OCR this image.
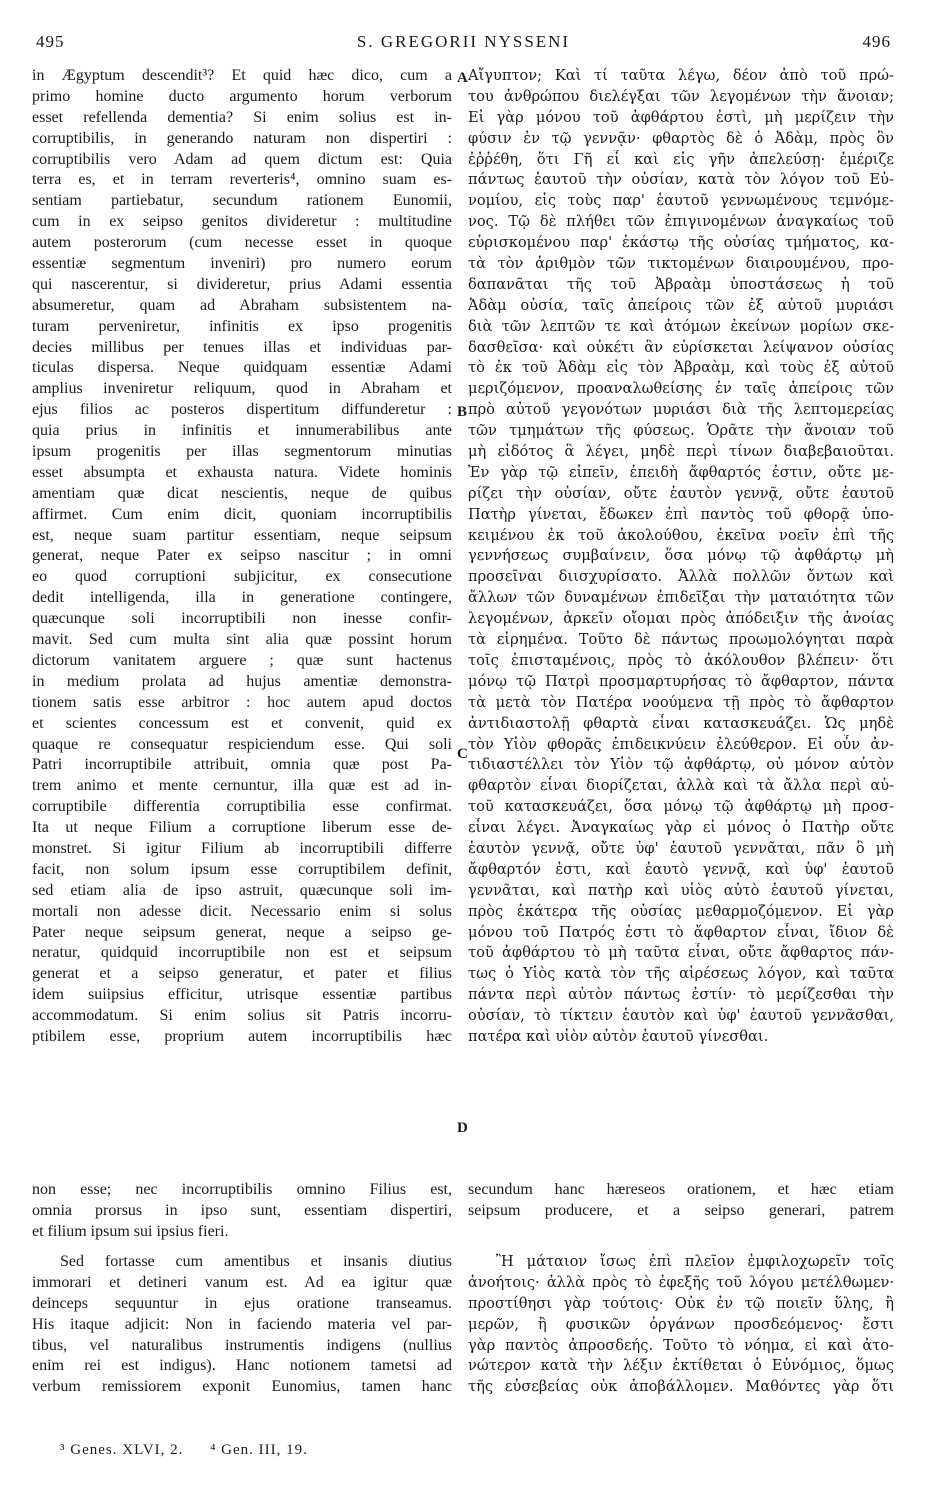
495	S. GREGORII NYSSENI	496
in Ægyptum descendit³? Et quid hæc dico, cum a
primo homine ducto argumento horum verborum
esset refellenda dementia? Si enim solius est in-
corruptibilis, in generando naturam non dispertiri :
corruptibilis vero Adam ad quem dictum est: Quia
terra es, et in terram reverteris⁴, omnino suam es-
sentiam partiebatur, secundum rationem Eunomii,
cum in ex seipso genitos divideretur : multitudine
autem posterorum (cum necesse esset in quoque
essentiæ segmentum inveniri) pro numero eorum
qui nascerentur, si divideretur, prius Adami essentia
absumeretur, quam ad Abraham subsistentem na-
turam perveniretur, infinitis ex ipso progenitis
decies millibus per tenues illas et individuas par-
ticulas dispersa. Neque quidquam essentiæ Adami
amplius inveniretur reliquum, quod in Abraham et
ejus filios ac posteros dispertitum diffunderetur :
quia prius in infinitis et innumerabilibus ante
ipsum progenitis per illas segmentorum minutias
esset absumpta et exhausta natura. Videte hominis
amentiam quæ dicat nescientis, neque de quibus
affirmet. Cum enim dicit, quoniam incorruptibilis
est, neque suam partitur essentiam, neque seipsum
generat, neque Pater ex seipso nascitur ; in omni
eo quod corruptioni subjicitur, ex consecutione
dedit intelligenda, illa in generatione contingere,
quæcunque soli incorruptibili non inesse confir-
mavit. Sed cum multa sint alia quæ possint horum
dictorum vanitatem arguere ; quæ sunt hactenus
in medium prolata ad hujus amentiæ demonstra-
tionem satis esse arbitror : hoc autem apud doctos
et scientes concessum est et convenit, quid ex
quaque re consequatur respiciendum esse. Qui soli
Patri incorruptibile attribuit, omnia quæ post Pa-
trem animo et mente cernuntur, illa quæ est ad in-
corruptibile differentia corruptibilia esse confirmat.
Ita ut neque Filium a corruptione liberum esse de-
monstret. Si igitur Filium ab incorruptibili differre
facit, non solum ipsum esse corruptibilem definit,
sed etiam alia de ipso astruit, quæcunque soli im-
mortali non adesse dicit. Necessario enim si solus
Pater neque seipsum generat, neque a seipso ge-
neratur, quidquid incorruptibile non est et seipsum
generat et a seipso generatur, et pater et filius
idem suiipsius efficitur, utrisque essentiæ partibus
accommodatum. Si enim solius sit Patris incorru-
ptibilem esse, proprium autem incorruptibilis hæc
Αἴγυπτον; Καὶ τί ταῦτα λέγω, δέον ἀπὸ τοῦ πρώ-
του ἀνθρώπου διελέγξαι τῶν λεγομένων τὴν ἄνοιαν;
Εἰ γὰρ μόνου τοῦ ἀφθάρτου ἐστὶ, μὴ μερίζειν τὴν
φύσιν ἐν τῷ γεννᾷν· φθαρτὸς δὲ ὁ Ἀδὰμ, πρὸς ὃν
ἐῤῥέθη, ὅτι Γῆ εἶ καὶ εἰς γῆν ἀπελεύσῃ· ἐμέριζε
πάντως ἑαυτοῦ τὴν οὐσίαν, κατὰ τὸν λόγον τοῦ Εὐ-
νομίου, εἰς τοὺς παρ' ἑαυτοῦ γεννωμένους τεμνόμε-
νος. Τῷ δὲ πλήθει τῶν ἐπιγινομένων ἀναγκαίως τοῦ
εὑρισκομένου παρ' ἑκάστῳ τῆς οὐσίας τμήματος, κα-
τὰ τὸν ἀριθμὸν τῶν τικτομένων διαιρουμένου, προ-
δαπανᾶται τῆς τοῦ Ἀβραὰμ ὑποστάσεως ἡ τοῦ
Ἀδὰμ οὐσία, ταῖς ἀπείροις τῶν ἐξ αὐτοῦ μυριάσι
διὰ τῶν λεπτῶν τε καὶ ἀτόμων ἐκείνων μορίων σκε-
δασθεῖσα· καὶ οὐκέτι ἂν εὑρίσκεται λείψανον οὐσίας
τὸ ἐκ τοῦ Ἀδὰμ εἰς τὸν Ἀβραὰμ, καὶ τοὺς ἐξ αὐτοῦ
μεριζόμενον, προαναλωθείσης ἐν ταῖς ἀπείροις τῶν
πρὸ αὐτοῦ γεγονότων μυριάσι διὰ τῆς λεπτομερείας
τῶν τμημάτων τῆς φύσεως. Ὁρᾶτε τὴν ἄνοιαν τοῦ
μὴ εἰδότος ἃ λέγει, μηδὲ περὶ τίνων διαβεβαιοῦται.
Ἐν γὰρ τῷ εἰπεῖν, ἐπειδὴ ἄφθαρτός ἐστιν, οὔτε με-
ρίζει τὴν οὐσίαν, οὔτε ἑαυτὸν γεννᾷ, οὔτε ἑαυτοῦ
Πατὴρ γίνεται, ἔδωκεν ἐπὶ παντὸς τοῦ φθορᾷ ὑπο-
κειμένου ἐκ τοῦ ἀκολούθου, ἐκεῖνα νοεῖν ἐπὶ τῆς
γεννήσεως συμβαίνειν, ὅσα μόνῳ τῷ ἀφθάρτῳ μὴ
προσεῖναι διισχυρίσατο. Ἀλλὰ πολλῶν ὄντων καὶ
ἄλλων τῶν δυναμένων ἐπιδεῖξαι τὴν ματαιότητα τῶν
λεγομένων, ἀρκεῖν οἴομαι πρὸς ἀπόδειξιν τῆς ἀνοίας
τὰ εἰρημένα. Τοῦτο δὲ πάντως προωμολόγηται παρὰ
τοῖς ἐπισταμένοις, πρὸς τὸ ἀκόλουθον βλέπειν· ὅτι
μόνῳ τῷ Πατρὶ προσμαρτυρήσας τὸ ἄφθαρτον, πάντα
τὰ μετὰ τὸν Πατέρα νοούμενα τῇ πρὸς τὸ ἄφθαρτον
ἀντιδιαστολῇ φθαρτὰ εἶναι κατασκευάζει. Ὡς μηδὲ
τὸν Υἱὸν φθορᾶς ἐπιδεικνύειν ἐλεύθερον. Εἰ οὖν ἀν-
τιδιαστέλλει τὸν Υἱὸν τῷ ἀφθάρτῳ, οὐ μόνον αὐτὸν
φθαρτὸν εἶναι διορίζεται, ἀλλὰ καὶ τὰ ἄλλα περὶ αὐ-
τοῦ κατασκευάζει, ὅσα μόνῳ τῷ ἀφθάρτῳ μὴ προσ-
εἶναι λέγει. Ἀναγκαίως γὰρ εἰ μόνος ὁ Πατὴρ οὔτε
ἑαυτὸν γεννᾷ, οὔτε ὑφ' ἑαυτοῦ γεννᾶται, πᾶν ὃ μὴ
ἄφθαρτόν ἐστι, καὶ ἑαυτὸ γεννᾷ, καὶ ὑφ' ἑαυτοῦ
γεννᾶται, καὶ πατὴρ καὶ υἱὸς αὐτὸ ἑαυτοῦ γίνεται,
πρὸς ἑκάτερα τῆς οὐσίας μεθαρμοζόμενον. Εἰ γὰρ
μόνου τοῦ Πατρός ἐστι τὸ ἄφθαρτον εἶναι, ἴδιον δὲ
τοῦ ἀφθάρτου τὸ μὴ ταῦτα εἶναι, οὔτε ἄφθαρτος πάν-
τως ὁ Υἱὸς κατὰ τὸν τῆς αἱρέσεως λόγον, καὶ ταῦτα
πάντα περὶ αὐτὸν πάντως ἐστίν· τὸ μερίζεσθαι τὴν
οὐσίαν, τὸ τίκτειν ἑαυτὸν καὶ ὑφ' ἑαυτοῦ γεννᾶσθαι,
πατέρα καὶ υἱὸν αὐτὸν ἑαυτοῦ γίνεσθαι.
A
B
C
D
non esse; nec incorruptibilis omnino Filius est,
omnia prorsus in ipso sunt, essentiam dispertiri,
et filium ipsum sui ipsius fieri.
secundum hanc hæreseos orationem, et hæc etiam
seipsum producere, et a seipso generari, patrem
Sed fortasse cum amentibus et insanis diutius
immorari et detineri vanum est. Ad ea igitur quæ
deinceps sequuntur in ejus oratione transeamus.
His itaque adjicit: Non in faciendo materia vel par-
tibus, vel naturalibus instrumentis indigens (nullius
enim rei est indigus). Hanc notionem tametsi ad
verbum remissiorem exponit Eunomius, tamen hanc
Ἢ μάταιον ἴσως ἐπὶ πλεῖον ἐμφιλοχωρεῖν τοῖς
ἀνοήτοις· ἀλλὰ πρὸς τὸ ἐφεξῆς τοῦ λόγου μετέλθωμεν·
προστίθησι γὰρ τούτοις· Οὐκ ἐν τῷ ποιεῖν ὕλης, ἢ
μερῶν, ἢ φυσικῶν ὀργάνων προσδεόμενος· ἔστι
γὰρ παντὸς ἀπροσδεής. Τοῦτο τὸ νόημα, εἰ καὶ ἀτο-
νώτερον κατὰ τὴν λέξιν ἐκτίθεται ὁ Εὐνόμιος, ὅμως
τῆς εὐσεβείας οὐκ ἀποβάλλομεν. Μαθόντες γὰρ ὅτι
³ Genes. XLVI, 2. ⁴ Gen. III, 19.
